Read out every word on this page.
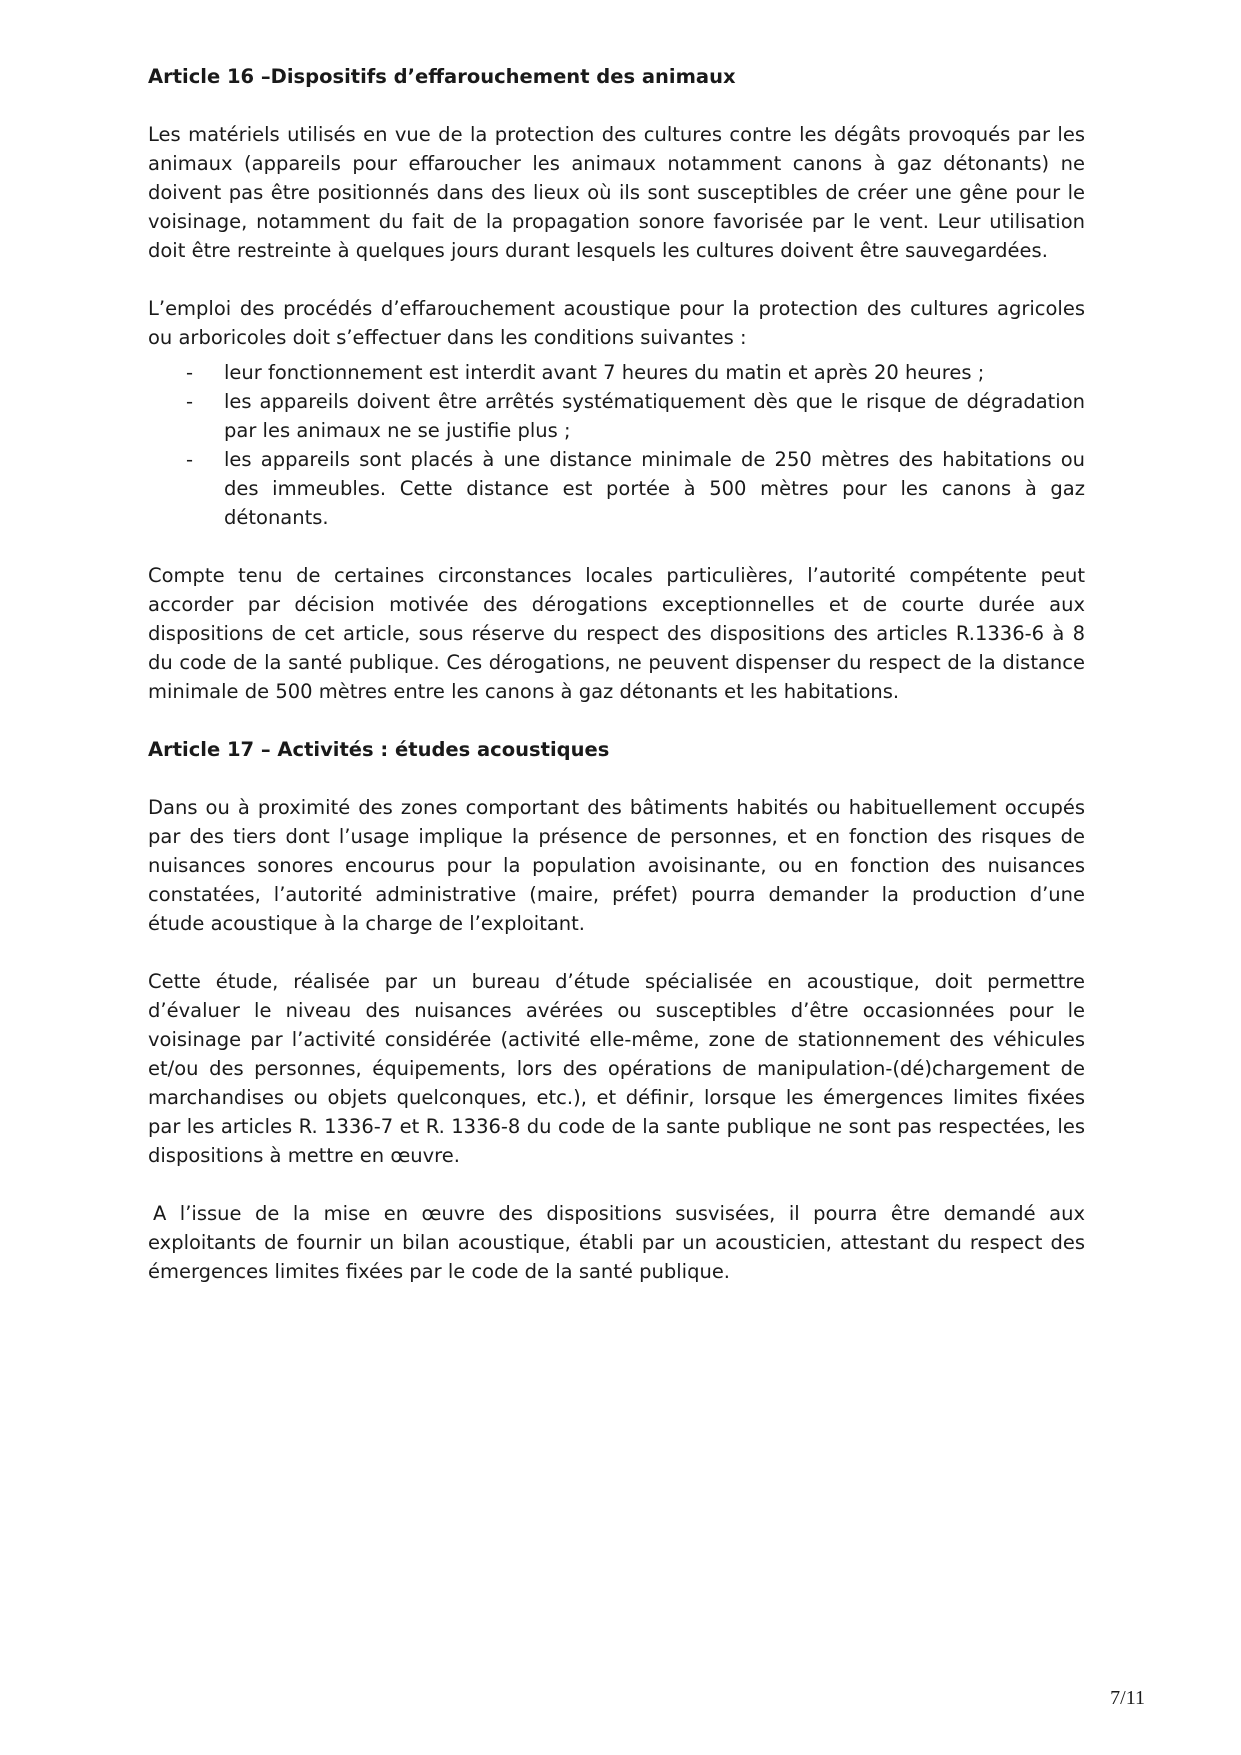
Article 16 –Dispositifs d’effarouchement des animaux

Les matériels utilisés en vue de la protection des cultures contre les dégâts provoqués par les animaux (appareils pour effaroucher les animaux notamment canons à gaz détonants) ne doivent pas être positionnés dans des lieux où ils sont susceptibles de créer une gêne pour le voisinage, notamment du fait de la propagation sonore favorisée par le vent. Leur utilisation doit être restreinte à quelques jours durant lesquels les cultures doivent être sauvegardées.

L’emploi des procédés d’effarouchement acoustique pour la protection des cultures agricoles ou arboricoles doit s’effectuer dans les conditions suivantes :

- leur fonctionnement est interdit avant 7 heures du matin et après 20 heures ;
- les appareils doivent être arrêtés systématiquement dès que le risque de dégradation par les animaux ne se justifie plus ;
- les appareils sont placés à une distance minimale de 250 mètres des habitations ou des immeubles. Cette distance est portée à 500 mètres pour les canons à gaz détonants.

Compte tenu de certaines circonstances locales particulières, l’autorité compétente peut accorder par décision motivée des dérogations exceptionnelles et de courte durée aux dispositions de cet article, sous réserve du respect des dispositions des articles R.1336-6 à 8 du code de la santé publique. Ces dérogations, ne peuvent dispenser du respect de la distance minimale de 500 mètres entre les canons à gaz détonants et les habitations.

Article 17 – Activités : études acoustiques

Dans ou à proximité des zones comportant des bâtiments habités ou habituellement occupés par des tiers dont l’usage implique la présence de personnes, et en fonction des risques de nuisances sonores encourus pour la population avoisinante, ou en fonction des nuisances constatées, l’autorité administrative (maire, préfet) pourra demander la production d’une étude acoustique à la charge de l’exploitant.

Cette étude, réalisée par un bureau d’étude spécialisée en acoustique, doit permettre d’évaluer le niveau des nuisances avérées ou susceptibles d’être occasionnées pour le voisinage par l’activité considérée (activité elle-même, zone de stationnement des véhicules et/ou des personnes, équipements, lors des opérations de manipulation-(dé)chargement de marchandises ou objets quelconques, etc.), et définir, lorsque les émergences limites fixées par les articles R. 1336-7 et R. 1336-8 du code de la sante publique ne sont pas respectées, les dispositions à mettre en œuvre.

A l’issue de la mise en œuvre des dispositions susvisées, il pourra être demandé aux exploitants de fournir un bilan acoustique, établi par un acousticien, attestant du respect des émergences limites fixées par le code de la santé publique.

7/11
